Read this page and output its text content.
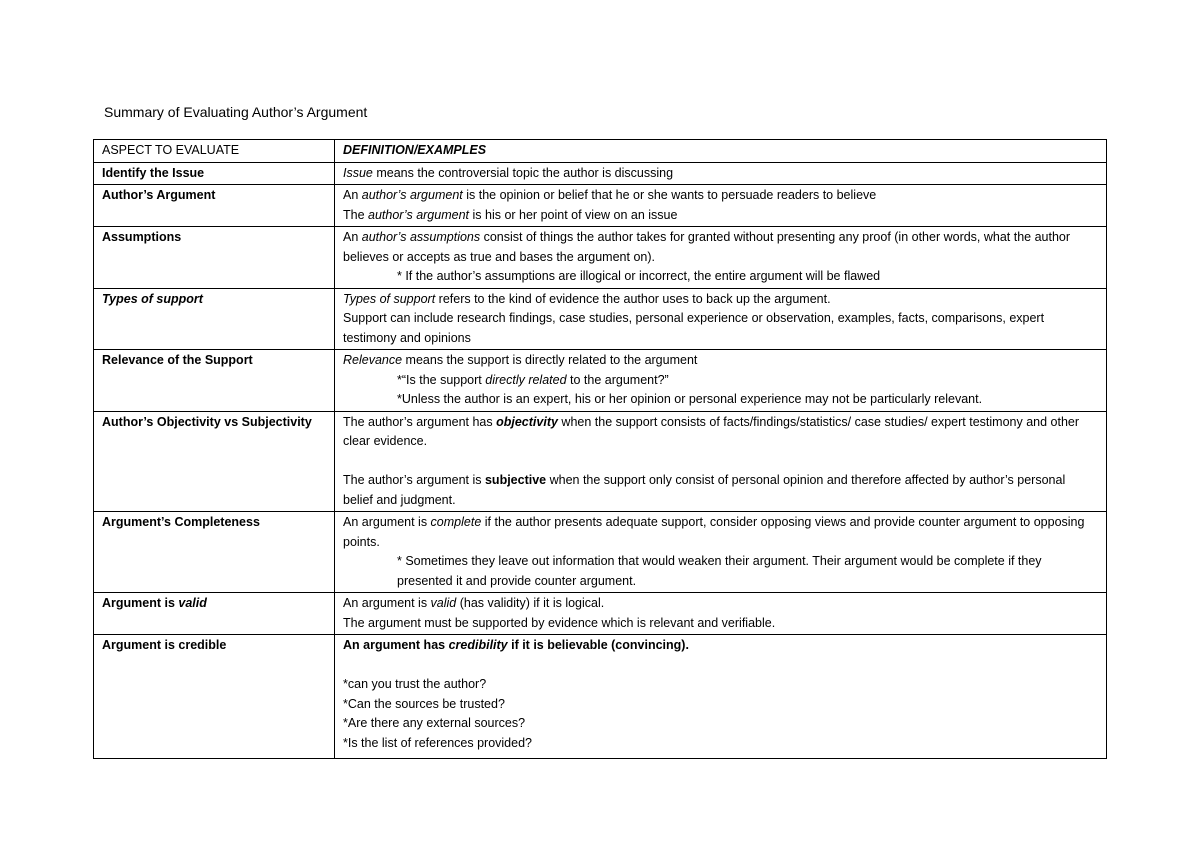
Summary of Evaluating Author’s Argument
ASPECT TO EVALUATE	DEFINITION/EXAMPLES
Identify the Issue	Issue means the controversial topic the author is discussing

Author’s Argument	An author’s argument is the opinion or belief that he or she wants to persuade readers to believe
The author’s argument is his or her point of view on an issue

Assumptions	An author’s assumptions consist of things the author takes for granted without presenting any proof (in other words, what the author believes or accepts as true and bases the argument on).
* If the author’s assumptions are illogical or incorrect, the entire argument will be flawed

Types of support	Types of support refers to the kind of evidence the author uses to back up the argument.
Support can include research findings, case studies, personal experience or observation, examples, facts, comparisons, expert testimony and opinions

Relevance of the Support	Relevance means the support is directly related to the argument
*“Is the support directly related to the argument?”
*Unless the author is an expert, his or her opinion or personal experience may not be particularly relevant.

Author’s Objectivity vs Subjectivity	The author’s argument has objectivity when the support consists of facts/findings/statistics/ case studies/ expert testimony and other clear evidence.
The author’s argument is subjective when the support only consist of personal opinion and therefore affected by author’s personal belief and judgment.

Argument’s Completeness	An argument is complete if the author presents adequate support, consider opposing views and provide counter argument to opposing points.
* Sometimes they leave out information that would weaken their argument. Their argument would be complete if they presented it and provide counter argument.

Argument is valid	An argument is valid (has validity) if it is logical.
The argument must be supported by evidence which is relevant and verifiable.

Argument is credible	An argument has credibility if it is believable (convincing).
*can you trust the author?
*Can the sources be trusted?
*Are there any external sources?
*Is the list of references provided?
